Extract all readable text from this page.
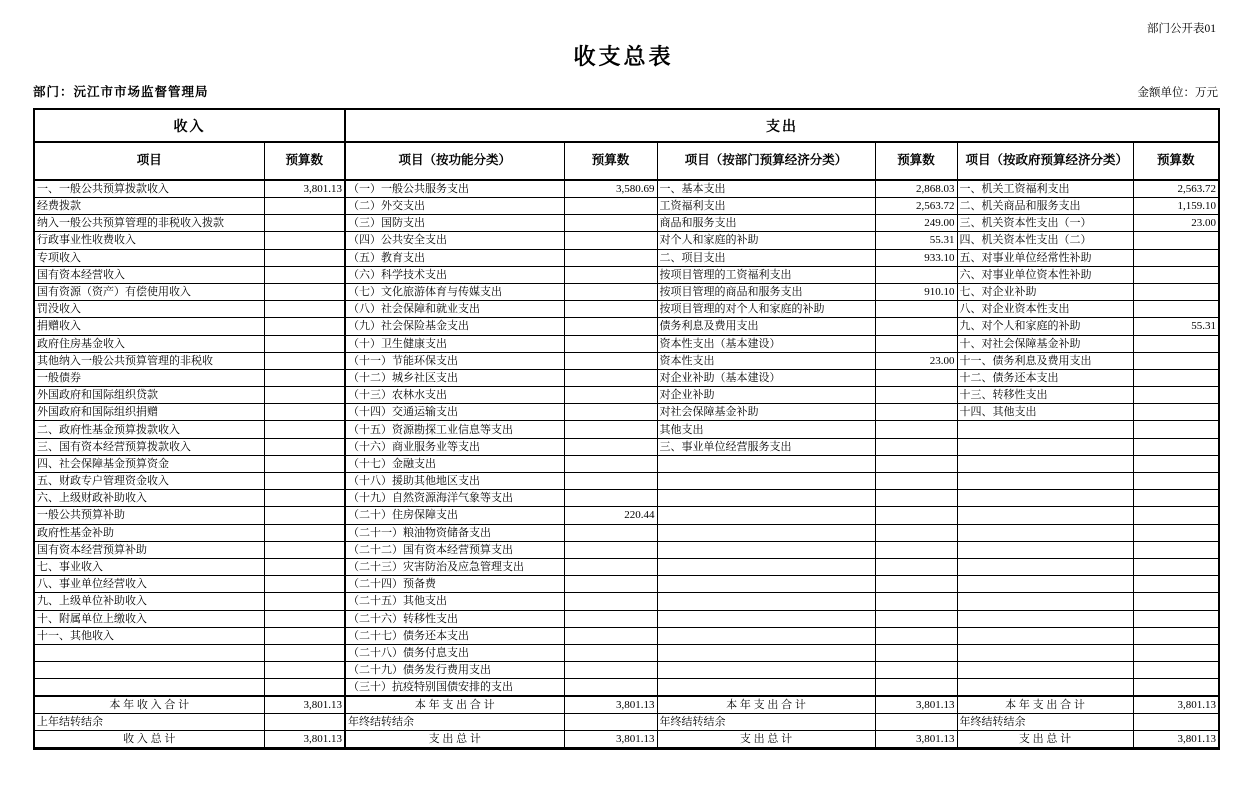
部门公开表01
收支总表
部门：沅江市市场监督管理局	金额单位：万元
收入		支出					
项目	预算数	项目（按功能分类）	预算数	项目（按部门预算经济分类）	预算数	项目（按政府预算经济分类）	预算数
一、一般公共预算拨款收入	3,801.13	（一）一般公共服务支出	3,580.69	一、基本支出	2,868.03	一、机关工资福利支出	2,563.72
经费拨款		（二）外交支出		工资福利支出	2,563.72	二、机关商品和服务支出	1,159.10
纳入一般公共预算管理的非税收入拨款		（三）国防支出		商品和服务支出	249.00	三、机关资本性支出（一）	23.00
行政事业性收费收入		（四）公共安全支出		对个人和家庭的补助	55.31	四、机关资本性支出（二）	
专项收入		（五）教育支出		二、项目支出	933.10	五、对事业单位经常性补助	
国有资本经营收入		（六）科学技术支出		按项目管理的工资福利支出		六、对事业单位资本性补助	
国有资源（资产）有偿使用收入		（七）文化旅游体育与传媒支出		按项目管理的商品和服务支出	910.10	七、对企业补助	
罚没收入		（八）社会保障和就业支出		按项目管理的对个人和家庭的补助		八、对企业资本性支出	
捐赠收入		（九）社会保险基金支出		债务利息及费用支出		九、对个人和家庭的补助	55.31
政府住房基金收入		（十）卫生健康支出		资本性支出（基本建设）		十、对社会保障基金补助	
其他纳入一般公共预算管理的非税收		（十一）节能环保支出		资本性支出	23.00	十一、债务利息及费用支出	
一般债券		（十二）城乡社区支出		对企业补助（基本建设）		十二、债务还本支出	
外国政府和国际组织贷款		（十三）农林水支出		对企业补助		十三、转移性支出	
外国政府和国际组织捐赠		（十四）交通运输支出		对社会保障基金补助		十四、其他支出	
二、政府性基金预算拨款收入		（十五）资源勘探工业信息等支出		其他支出			
三、国有资本经营预算拨款收入		（十六）商业服务业等支出		三、事业单位经营服务支出			
四、社会保障基金预算资金		（十七）金融支出					
五、财政专户管理资金收入		（十八）援助其他地区支出					
六、上级财政补助收入		（十九）自然资源海洋气象等支出					
一般公共预算补助		（二十）住房保障支出	220.44				
政府性基金补助		（二十一）粮油物资储备支出					
国有资本经营预算补助		（二十二）国有资本经营预算支出					
七、事业收入		（二十三）灾害防治及应急管理支出					
八、事业单位经营收入		（二十四）预备费					
九、上级单位补助收入		（二十五）其他支出					
十、附属单位上缴收入		（二十六）转移性支出					
十一、其他收入		（二十七）债务还本支出					
		（二十八）债务付息支出					
		（二十九）债务发行费用支出					
		（三十）抗疫特别国债安排的支出					
本 年 收 入 合 计	3,801.13	本 年 支 出 合 计	3,801.13	本 年 支 出 合 计	3,801.13	本 年 支 出 合 计	3,801.13
上年结转结余		年终结转结余		年终结转结余		年终结转结余	
收 入 总 计	3,801.13	支 出 总 计	3,801.13	支 出 总 计	3,801.13	支 出 总 计	3,801.13
